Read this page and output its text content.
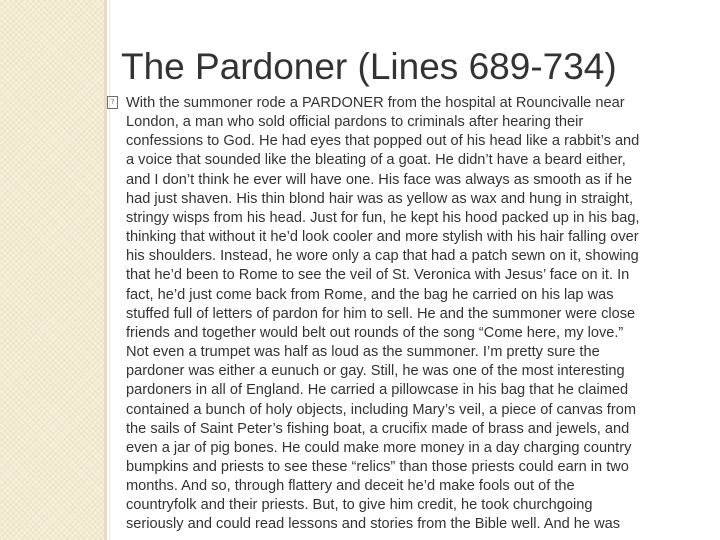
The Pardoner (Lines 689-734)
? With the summoner rode a PARDONER from the hospital at Rouncivalle near
London, a man who sold official pardons to criminals after hearing their
confessions to God. He had eyes that popped out of his head like a rabbit’s and
a voice that sounded like the bleating of a goat. He didn’t have a beard either,
and I don’t think he ever will have one. His face was always as smooth as if he
had just shaven. His thin blond hair was as yellow as wax and hung in straight,
stringy wisps from his head. Just for fun, he kept his hood packed up in his bag,
thinking that without it he’d look cooler and more stylish with his hair falling over
his shoulders. Instead, he wore only a cap that had a patch sewn on it, showing
that he’d been to Rome to see the veil of St. Veronica with Jesus’ face on it. In
fact, he’d just come back from Rome, and the bag he carried on his lap was
stuffed full of letters of pardon for him to sell. He and the summoner were close
friends and together would belt out rounds of the song “Come here, my love.”
Not even a trumpet was half as loud as the summoner. I’m pretty sure the
pardoner was either a eunuch or gay. Still, he was one of the most interesting
pardoners in all of England. He carried a pillowcase in his bag that he claimed
contained a bunch of holy objects, including Mary’s veil, a piece of canvas from
the sails of Saint Peter’s fishing boat, a crucifix made of brass and jewels, and
even a jar of pig bones. He could make more money in a day charging country
bumpkins and priests to see these “relics” than those priests could earn in two
months. And so, through flattery and deceit he’d make fools out of the
countryfolk and their priests. But, to give him credit, he took churchgoing
seriously and could read lessons and stories from the Bible well. And he was
